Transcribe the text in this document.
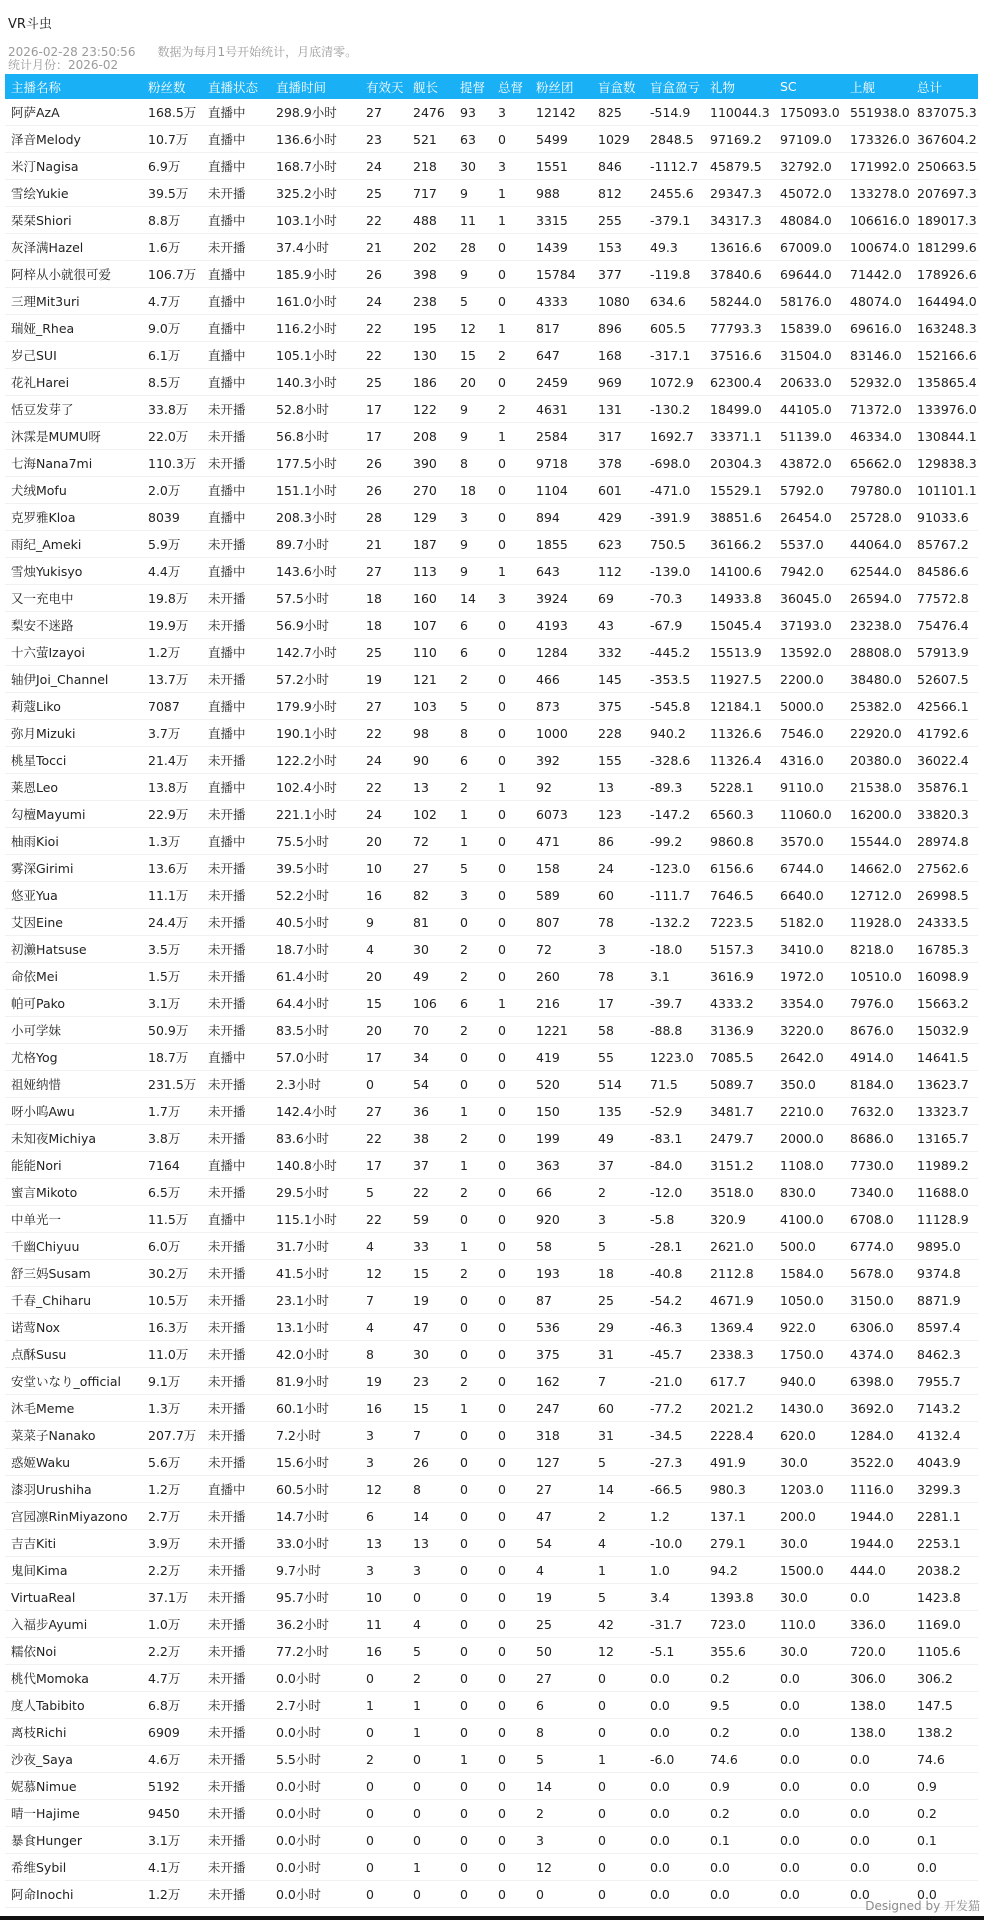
VR斗虫
2026-02-28 23:50:56 数据为每月1号开始统计，月底清零。
统计月份：2026-02
主播名称	粉丝数	直播状态	直播时间	有效天	舰长	提督	总督	粉丝团	盲盒数	盲盒盈亏	礼物	SC	上舰	总计
阿萨AzA	168.5万	直播中	298.9小时	27	2476	93	3	12142	825	-514.9	110044.3	175093.0	551938.0	837075.3
泽音Melody	10.7万	直播中	136.6小时	23	521	63	0	5499	1029	2848.5	97169.2	97109.0	173326.0	367604.2
米汀Nagisa	6.9万	直播中	168.7小时	24	218	30	3	1551	846	-1112.7	45879.5	32792.0	171992.0	250663.5
雪绘Yukie	39.5万	未开播	325.2小时	25	717	9	1	988	812	2455.6	29347.3	45072.0	133278.0	207697.3
栞栞Shiori	8.8万	直播中	103.1小时	22	488	11	1	3315	255	-379.1	34317.3	48084.0	106616.0	189017.3
灰泽满Hazel	1.6万	未开播	37.4小时	21	202	28	0	1439	153	49.3	13616.6	67009.0	100674.0	181299.6
阿梓从小就很可爱	106.7万	直播中	185.9小时	26	398	9	0	15784	377	-119.8	37840.6	69644.0	71442.0	178926.6
三理Mit3uri	4.7万	直播中	161.0小时	24	238	5	0	4333	1080	634.6	58244.0	58176.0	48074.0	164494.0
瑞娅_Rhea	9.0万	直播中	116.2小时	22	195	12	1	817	896	605.5	77793.3	15839.0	69616.0	163248.3
岁己SUI	6.1万	直播中	105.1小时	22	130	15	2	647	168	-317.1	37516.6	31504.0	83146.0	152166.6
花礼Harei	8.5万	直播中	140.3小时	25	186	20	0	2459	969	1072.9	62300.4	20633.0	52932.0	135865.4
恬豆发芽了	33.8万	未开播	52.8小时	17	122	9	2	4631	131	-130.2	18499.0	44105.0	71372.0	133976.0
沐霂是MUMU呀	22.0万	未开播	56.8小时	17	208	9	1	2584	317	1692.7	33371.1	51139.0	46334.0	130844.1
七海Nana7mi	110.3万	未开播	177.5小时	26	390	8	0	9718	378	-698.0	20304.3	43872.0	65662.0	129838.3
犬绒Mofu	2.0万	直播中	151.1小时	26	270	18	0	1104	601	-471.0	15529.1	5792.0	79780.0	101101.1
克罗雅Kloa	8039	直播中	208.3小时	28	129	3	0	894	429	-391.9	38851.6	26454.0	25728.0	91033.6
雨纪_Ameki	5.9万	未开播	89.7小时	21	187	9	0	1855	623	750.5	36166.2	5537.0	44064.0	85767.2
雪烛Yukisyo	4.4万	直播中	143.6小时	27	113	9	1	643	112	-139.0	14100.6	7942.0	62544.0	84586.6
又一充电中	19.8万	未开播	57.5小时	18	160	14	3	3924	69	-70.3	14933.8	36045.0	26594.0	77572.8
梨安不迷路	19.9万	未开播	56.9小时	18	107	6	0	4193	43	-67.9	15045.4	37193.0	23238.0	75476.4
十六萤Izayoi	1.2万	直播中	142.7小时	25	110	6	0	1284	332	-445.2	15513.9	13592.0	28808.0	57913.9
轴伊Joi_Channel	13.7万	未开播	57.2小时	19	121	2	0	466	145	-353.5	11927.5	2200.0	38480.0	52607.5
莉蔻Liko	7087	直播中	179.9小时	27	103	5	0	873	375	-545.8	12184.1	5000.0	25382.0	42566.1
弥月Mizuki	3.7万	直播中	190.1小时	22	98	8	0	1000	228	940.2	11326.6	7546.0	22920.0	41792.6
桃星Tocci	21.4万	未开播	122.2小时	24	90	6	0	392	155	-328.6	11326.4	4316.0	20380.0	36022.4
莱恩Leo	13.8万	直播中	102.4小时	22	13	2	1	92	13	-89.3	5228.1	9110.0	21538.0	35876.1
勾檀Mayumi	22.9万	未开播	221.1小时	24	102	1	0	6073	123	-147.2	6560.3	11060.0	16200.0	33820.3
柚雨Kioi	1.3万	直播中	75.5小时	20	72	1	0	471	86	-99.2	9860.8	3570.0	15544.0	28974.8
雾深Girimi	13.6万	未开播	39.5小时	10	27	5	0	158	24	-123.0	6156.6	6744.0	14662.0	27562.6
悠亚Yua	11.1万	未开播	52.2小时	16	82	3	0	589	60	-111.7	7646.5	6640.0	12712.0	26998.5
艾因Eine	24.4万	未开播	40.5小时	9	81	0	0	807	78	-132.2	7223.5	5182.0	11928.0	24333.5
初濑Hatsuse	3.5万	未开播	18.7小时	4	30	2	0	72	3	-18.0	5157.3	3410.0	8218.0	16785.3
命依Mei	1.5万	未开播	61.4小时	20	49	2	0	260	78	3.1	3616.9	1972.0	10510.0	16098.9
帕可Pako	3.1万	未开播	64.4小时	15	106	6	1	216	17	-39.7	4333.2	3354.0	7976.0	15663.2
小可学妹	50.9万	未开播	83.5小时	20	70	2	0	1221	58	-88.8	3136.9	3220.0	8676.0	15032.9
尤格Yog	18.7万	直播中	57.0小时	17	34	0	0	419	55	1223.0	7085.5	2642.0	4914.0	14641.5
祖娅纳惜	231.5万	未开播	2.3小时	0	54	0	0	520	514	71.5	5089.7	350.0	8184.0	13623.7
呀小呜Awu	1.7万	未开播	142.4小时	27	36	1	0	150	135	-52.9	3481.7	2210.0	7632.0	13323.7
未知夜Michiya	3.8万	未开播	83.6小时	22	38	2	0	199	49	-83.1	2479.7	2000.0	8686.0	13165.7
能能Nori	7164	直播中	140.8小时	17	37	1	0	363	37	-84.0	3151.2	1108.0	7730.0	11989.2
蜜言Mikoto	6.5万	未开播	29.5小时	5	22	2	0	66	2	-12.0	3518.0	830.0	7340.0	11688.0
中单光一	11.5万	直播中	115.1小时	22	59	0	0	920	3	-5.8	320.9	4100.0	6708.0	11128.9
千幽Chiyuu	6.0万	未开播	31.7小时	4	33	1	0	58	5	-28.1	2621.0	500.0	6774.0	9895.0
舒三妈Susam	30.2万	未开播	41.5小时	12	15	2	0	193	18	-40.8	2112.8	1584.0	5678.0	9374.8
千春_Chiharu	10.5万	未开播	23.1小时	7	19	0	0	87	25	-54.2	4671.9	1050.0	3150.0	8871.9
诺莺Nox	16.3万	未开播	13.1小时	4	47	0	0	536	29	-46.3	1369.4	922.0	6306.0	8597.4
点酥Susu	11.0万	未开播	42.0小时	8	30	0	0	375	31	-45.7	2338.3	1750.0	4374.0	8462.3
安堂いなり_official	9.1万	未开播	81.9小时	19	23	2	0	162	7	-21.0	617.7	940.0	6398.0	7955.7
沐毛Meme	1.3万	未开播	60.1小时	16	15	1	0	247	60	-77.2	2021.2	1430.0	3692.0	7143.2
菜菜子Nanako	207.7万	未开播	7.2小时	3	7	0	0	318	31	-34.5	2228.4	620.0	1284.0	4132.4
惑姬Waku	5.6万	未开播	15.6小时	3	26	0	0	127	5	-27.3	491.9	30.0	3522.0	4043.9
漆羽Urushiha	1.2万	直播中	60.5小时	12	8	0	0	27	14	-66.5	980.3	1203.0	1116.0	3299.3
宫园凛RinMiyazono	2.7万	未开播	14.7小时	6	14	0	0	47	2	1.2	137.1	200.0	1944.0	2281.1
吉吉Kiti	3.9万	未开播	33.0小时	13	13	0	0	54	4	-10.0	279.1	30.0	1944.0	2253.1
鬼间Kima	2.2万	未开播	9.7小时	3	3	0	0	4	1	1.0	94.2	1500.0	444.0	2038.2
VirtuaReal	37.1万	未开播	95.7小时	10	0	0	0	19	5	3.4	1393.8	30.0	0.0	1423.8
入福步Ayumi	1.0万	未开播	36.2小时	11	4	0	0	25	42	-31.7	723.0	110.0	336.0	1169.0
糯依Noi	2.2万	未开播	77.2小时	16	5	0	0	50	12	-5.1	355.6	30.0	720.0	1105.6
桃代Momoka	4.7万	未开播	0.0小时	0	2	0	0	27	0	0.0	0.2	0.0	306.0	306.2
度人Tabibito	6.8万	未开播	2.7小时	1	1	0	0	6	0	0.0	9.5	0.0	138.0	147.5
离枝Richi	6909	未开播	0.0小时	0	1	0	0	8	0	0.0	0.2	0.0	138.0	138.2
沙夜_Saya	4.6万	未开播	5.5小时	2	0	1	0	5	1	-6.0	74.6	0.0	0.0	74.6
妮慕Nimue	5192	未开播	0.0小时	0	0	0	0	14	0	0.0	0.9	0.0	0.0	0.9
晴一Hajime	9450	未开播	0.0小时	0	0	0	0	2	0	0.0	0.2	0.0	0.0	0.2
暴食Hunger	3.1万	未开播	0.0小时	0	0	0	0	3	0	0.0	0.1	0.0	0.0	0.1
希维Sybil	4.1万	未开播	0.0小时	0	1	0	0	12	0	0.0	0.0	0.0	0.0	0.0
阿命Inochi	1.2万	未开播	0.0小时	0	0	0	0	0	0	0.0	0.0	0.0	0.0	0.0
Designed by 开发猫
